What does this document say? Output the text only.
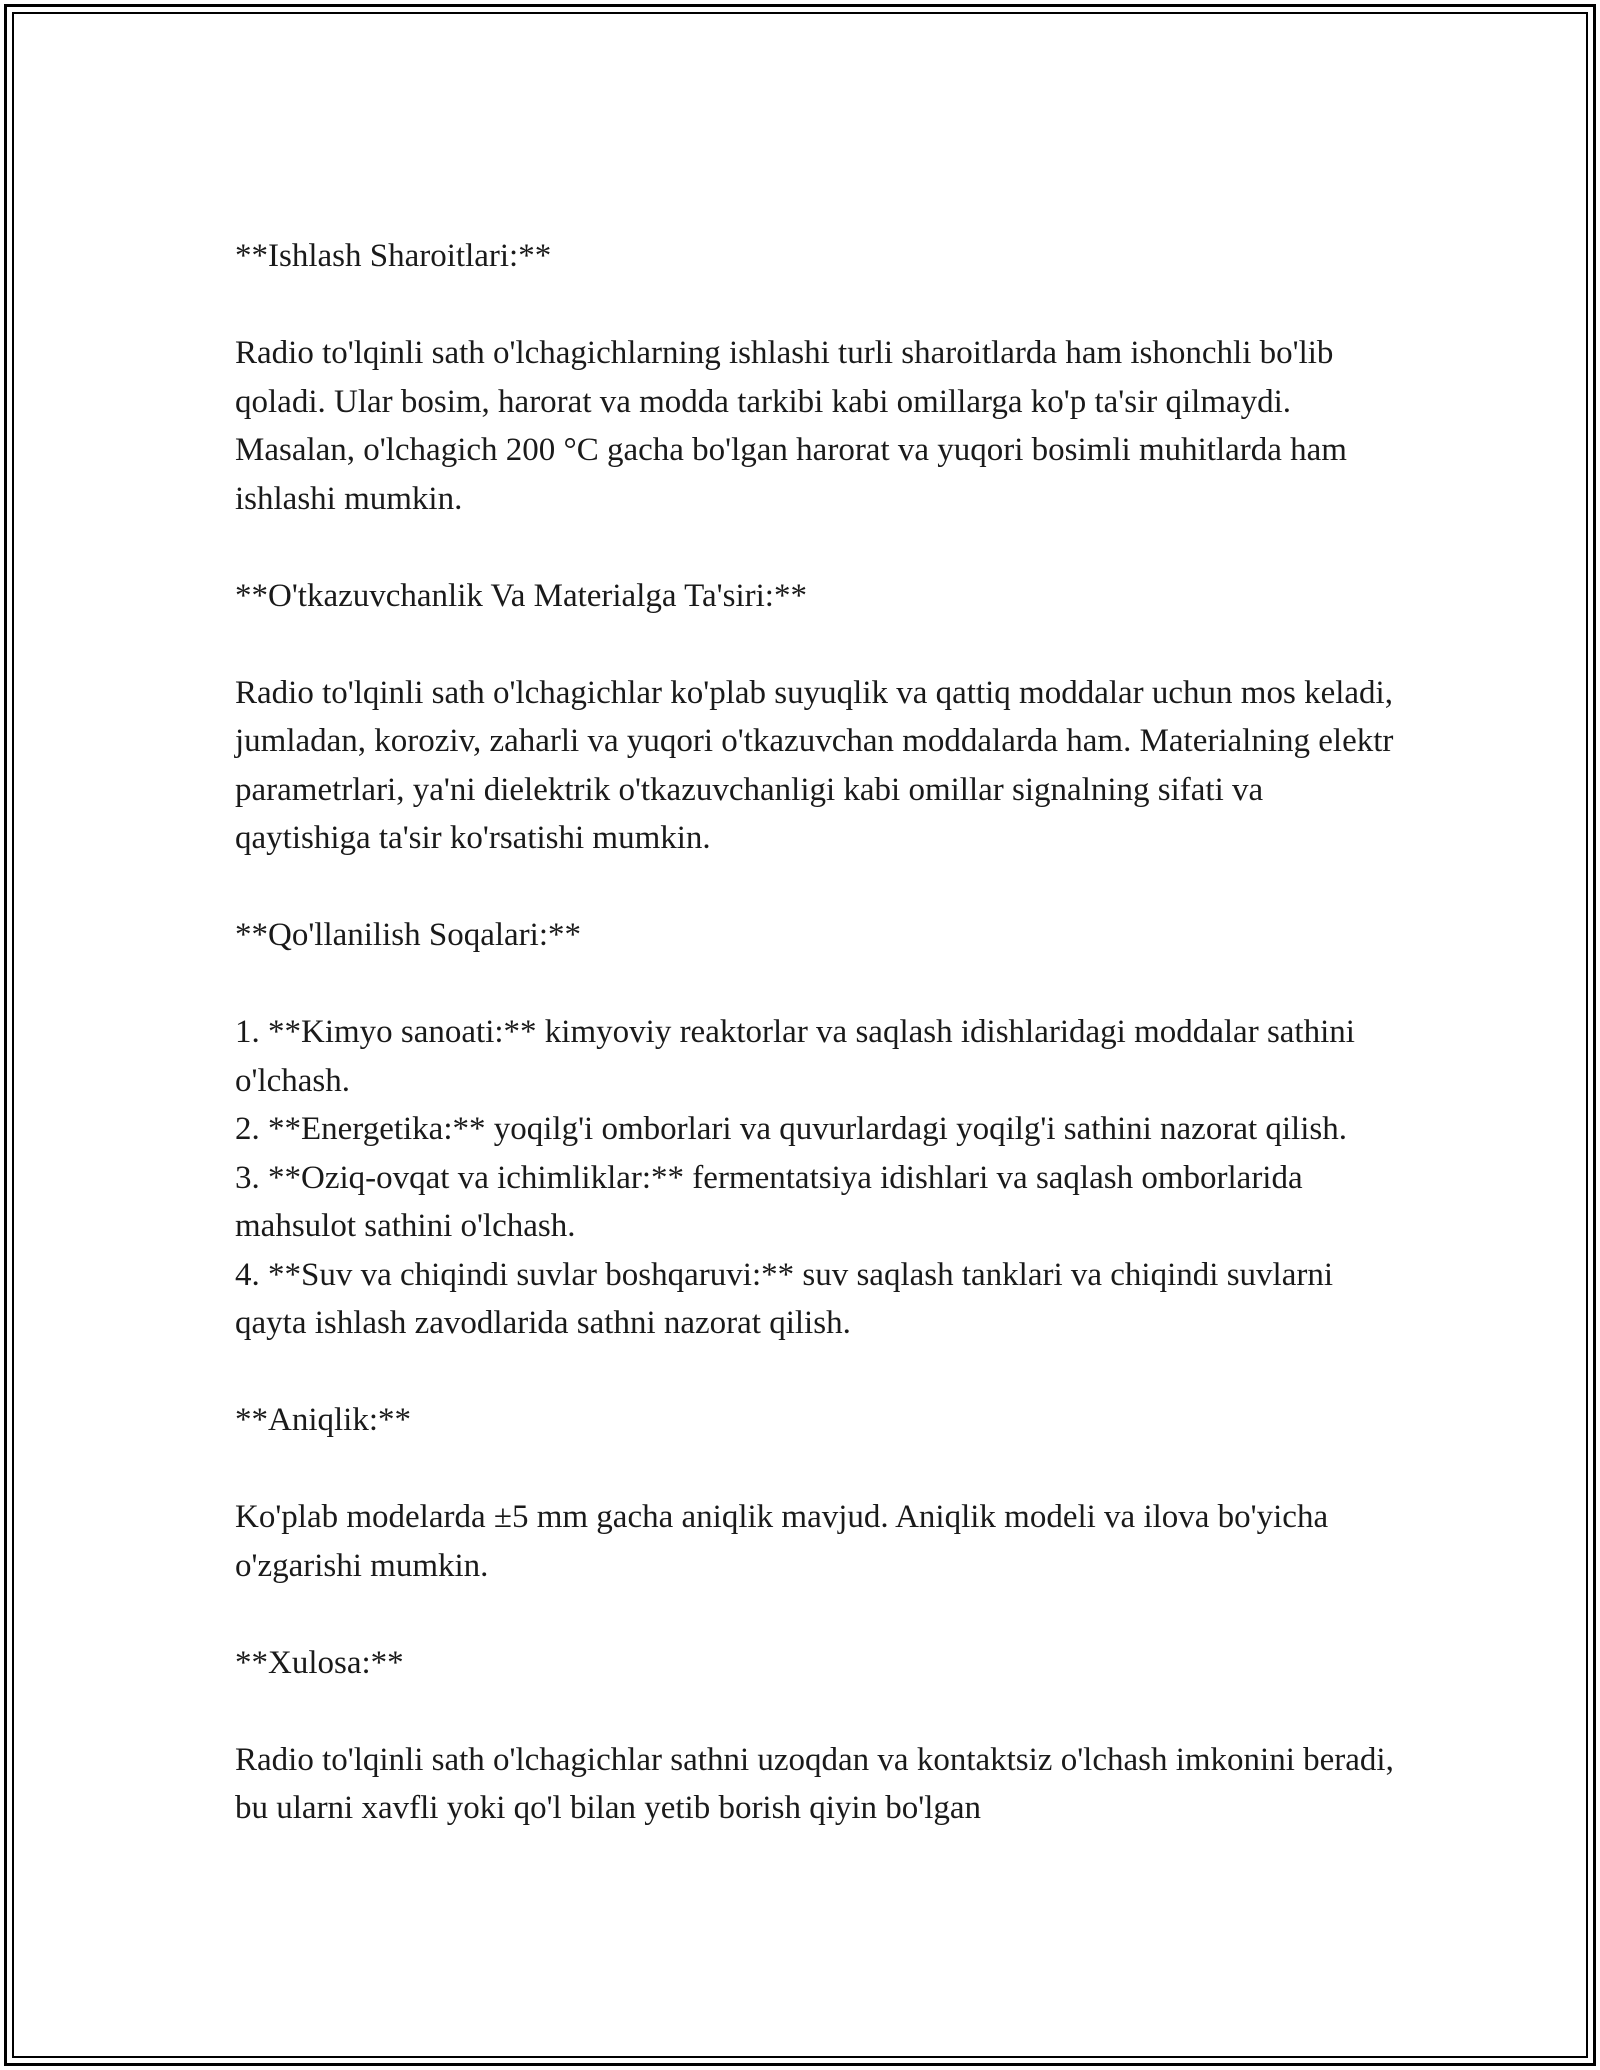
**Ishlash Sharoitlari:**

Radio to'lqinli sath o'lchagichlarning ishlashi turli sharoitlarda ham ishonchli bo'lib qoladi. Ular bosim, harorat va modda tarkibi kabi omillarga ko'p ta'sir qilmaydi. Masalan, o'lchagich 200 °C gacha bo'lgan harorat va yuqori bosimli muhitlarda ham ishlashi mumkin.

**O'tkazuvchanlik Va Materialga Ta'siri:**

Radio to'lqinli sath o'lchagichlar ko'plab suyuqlik va qattiq moddalar uchun mos keladi, jumladan, koroziv, zaharli va yuqori o'tkazuvchan moddalarda ham. Materialning elektr parametrlari, ya'ni dielektrik o'tkazuvchanligi kabi omillar signalning sifati va qaytishiga ta'sir ko'rsatishi mumkin.

**Qo'llanilish Soqalari:**

1. **Kimyo sanoati:** kimyoviy reaktorlar va saqlash idishlaridagi moddalar sathini o'lchash.

2. **Energetika:** yoqilg'i omborlari va quvurlardagi yoqilg'i sathini nazorat qilish.

3. **Oziq-ovqat va ichimliklar:** fermentatsiya idishlari va saqlash omborlarida mahsulot sathini o'lchash.

4. **Suv va chiqindi suvlar boshqaruvi:** suv saqlash tanklari va chiqindi suvlarni qayta ishlash zavodlarida sathni nazorat qilish.

**Aniqlik:**

Ko'plab modelarda ±5 mm gacha aniqlik mavjud. Aniqlik modeli va ilova bo'yicha o'zgarishi mumkin.

**Xulosa:**

Radio to'lqinli sath o'lchagichlar sathni uzoqdan va kontaktsiz o'lchash imkonini beradi, bu ularni xavfli yoki qo'l bilan yetib borish qiyin bo'lgan
